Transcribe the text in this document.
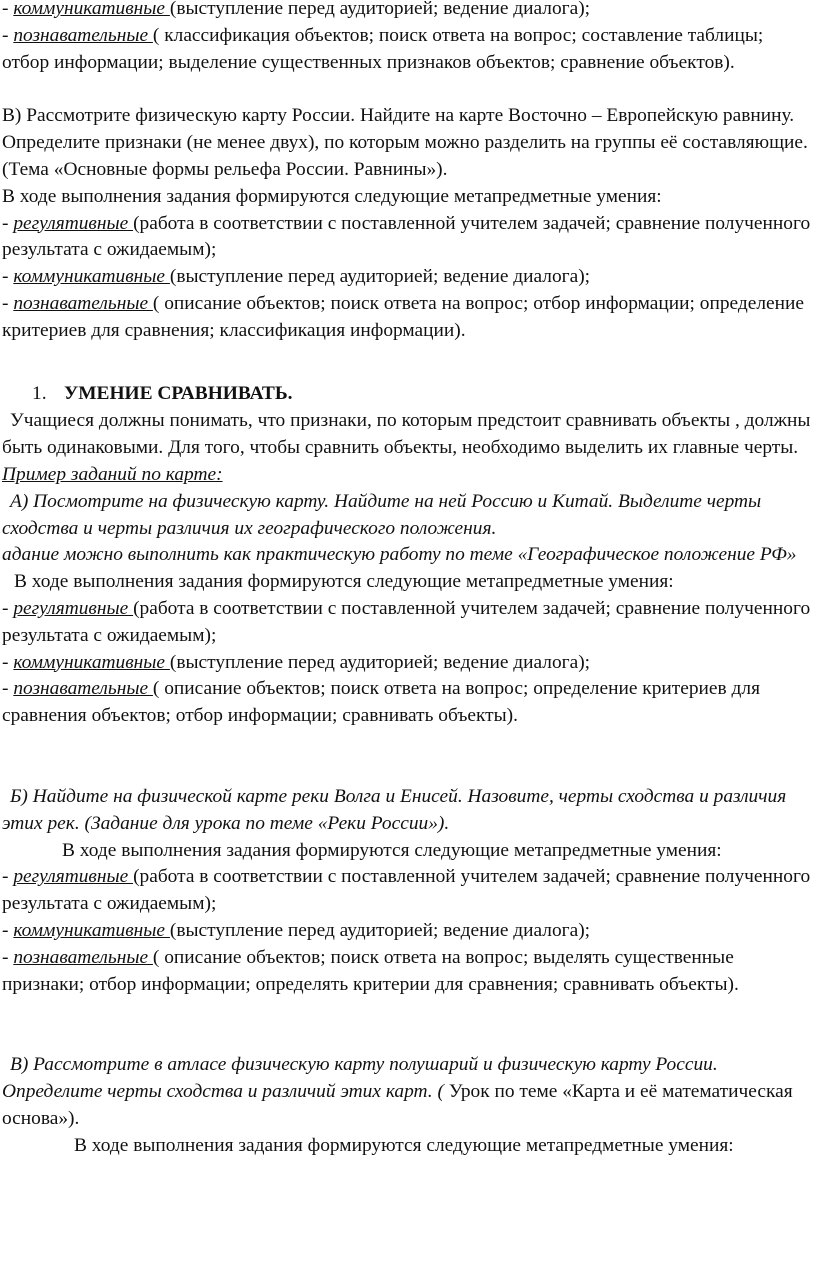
- коммуникативные (выступление перед аудиторией; ведение диалога);

- познавательные ( классификация объектов; поиск ответа на вопрос; составление таблицы; отбор информации; выделение существенных признаков объектов; сравнение объектов).

В) Рассмотрите физическую карту России. Найдите на карте Восточно – Европейскую равнину. Определите признаки (не менее двух), по которым можно разделить на группы её составляющие. (Тема «Основные формы рельефа России. Равнины»).

В ходе выполнения задания формируются следующие метапредметные умения:

- регулятивные (работа в соответствии с поставленной учителем задачей; сравнение полученного результата с ожидаемым);

- коммуникативные (выступление перед аудиторией; ведение диалога);

- познавательные ( описание объектов; поиск ответа на вопрос; отбор информации; определение критериев для сравнения; классификация информации).

1. УМЕНИЕ СРАВНИВАТЬ.

Учащиеся должны понимать, что признаки, по которым предстоит сравнивать объекты , должны

быть одинаковыми. Для того, чтобы сравнить объекты, необходимо выделить их главные черты. Пример заданий по карте:

А) Посмотрите на физическую карту. Найдите на ней Россию и Китай. Выделите черты сходства и черты различия их географического положения.

адание можно выполнить как практическую работу по теме «Географическое положение РФ»

В ходе выполнения задания формируются следующие метапредметные умения:

- регулятивные (работа в соответствии с поставленной учителем задачей; сравнение полученного результата с ожидаемым);

- коммуникативные (выступление перед аудиторией; ведение диалога);

- познавательные ( описание объектов; поиск ответа на вопрос; определение критериев для сравнения объектов; отбор информации; сравнивать объекты).

Б) Найдите на физической карте реки Волга и Енисей. Назовите, черты сходства и различия этих рек. (Задание для урока по теме «Реки России»).

В ходе выполнения задания формируются следующие метапредметные умения:

- регулятивные (работа в соответствии с поставленной учителем задачей; сравнение полученного результата с ожидаемым);

- коммуникативные (выступление перед аудиторией; ведение диалога);

- познавательные ( описание объектов; поиск ответа на вопрос; выделять существенные признаки; отбор информации; определять критерии для сравнения; сравнивать объекты).

В) Рассмотрите в атласе физическую карту полушарий и физическую карту России. Определите черты сходства и различий этих карт. ( Урок по теме «Карта и её математическая основа»).

В ходе выполнения задания формируются следующие метапредметные умения:
